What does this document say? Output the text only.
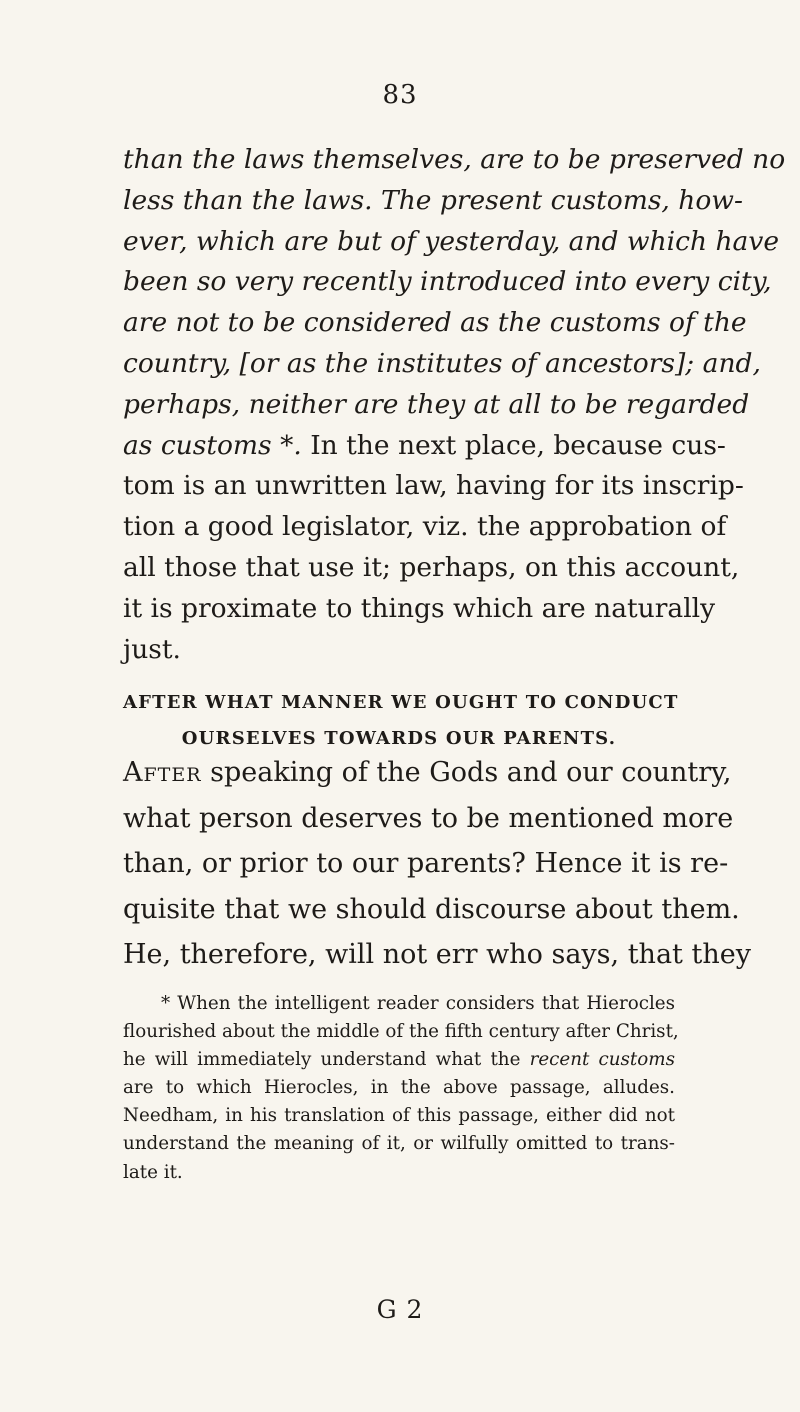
83
than the laws themselves, are to be preserved no
less than the laws. The present customs, how-
ever, which are but of yesterday, and which have
been so very recently introduced into every city,
are not to be considered as the customs of the
country, [or as the institutes of ancestors]; and,
perhaps, neither are they at all to be regarded
as customs *. In the next place, because cus-
tom is an unwritten law, having for its inscrip-
tion a good legislator, viz. the approbation of
all those that use it; perhaps, on this account,
it is proximate to things which are naturally
just.
AFTER WHAT MANNER WE OUGHT TO CONDUCT
OURSELVES TOWARDS OUR PARENTS.
After speaking of the Gods and our country,
what person deserves to be mentioned more
than, or prior to our parents? Hence it is re-
quisite that we should discourse about them.
He, therefore, will not err who says, that they
* When the intelligent reader considers that Hierocles
flourished about the middle of the fifth century after Christ,
he will immediately understand what the recent customs
are to which Hierocles, in the above passage, alludes.
Needham, in his translation of this passage, either did not
understand the meaning of it, or wilfully omitted to trans-
late it.
G 2
